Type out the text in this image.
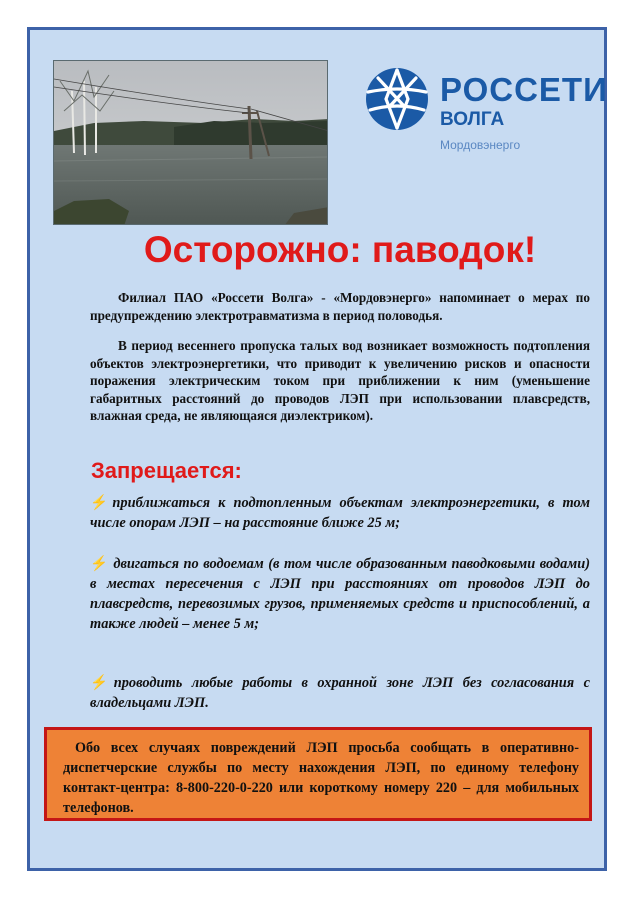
РОССЕТИ
ВОЛГА
Мордовэнерго
Осторожно: паводок!

Филиал ПАО «Россети Волга» - «Мордовэнерго» напоминает о мерах по предупреждению электротравматизма в период половодья.

В период весеннего пропуска талых вод возникает возможность подтопления объектов электроэнергетики, что приводит к увеличению рисков и опасности поражения электрическим током при приближении к ним (уменьшение габаритных расстояний до проводов ЛЭП при использовании плавсредств, влажная среда, не являющаяся диэлектриком).

Запрещается:

⚡приближаться к подтопленным объектам электроэнергетики, в том числе опорам ЛЭП – на расстояние ближе 25 м;

⚡ двигаться по водоемам (в том числе образованным паводковыми водами) в местах пересечения с ЛЭП при расстояниях от проводов ЛЭП до плавсредств, перевозимых грузов, применяемых средств и приспособлений, а также людей – менее 5 м;

⚡проводить любые работы в охранной зоне ЛЭП без согласования с владельцами ЛЭП.

Обо всех случаях повреждений ЛЭП просьба сообщать в оперативно-диспетчерские службы по месту нахождения ЛЭП, по единому телефону контакт-центра: 8-800-220-0-220 или короткому номеру 220 – для мобильных телефонов.
